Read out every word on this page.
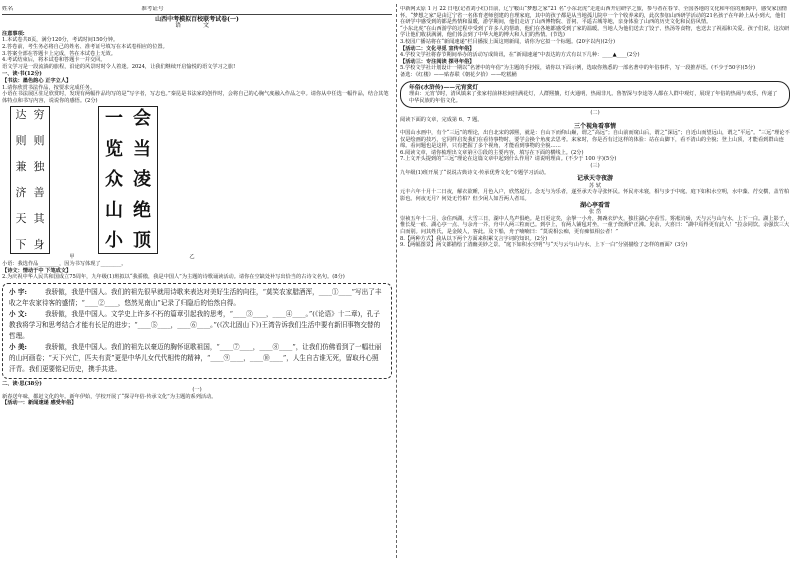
姓名	准考证号
山西中考模拟百校联考试卷(一)
语 文

注意事项:

1.本试卷共8页，满分120分，考试时间150分钟。

2.答卷前，考生务必将自己的姓名、准考证号填写在本试卷相应的位置。

3.答案全部在答题卡上完成，答在本试卷上无效。

4.考试结束后，将本试卷和答题卡一并交回。

语文学习是一段流淌的旅程，沿途的风景时时令人着迷。2024，让我们继续开启愉悦的语文学习之旅!

一、读·书(12分)

【书法：墨色韵心 正字立人】

1.请你欣赏书法作品，按要求完成任务。

小语在书法展区驻足欣赏时，发现有两幅作品均写的是“写字者，写志也。”秦昆是书法家的创作时，会将自己的心胸气度融入作品之中。请你从中任选一幅作品，结合其笔体特点和书写内容，说说你的感悟。(2分)

穷
则
独
善
其
身
达
则
兼
济
天
下
会
当
凌
绝
顶
一
览
众
山
小
甲	乙

小语：我选作品________，因为书写体现了________。

【诗文：情动于中 下笔成文】

2.为庆祝中华人民共和国成立75周年，九年级(1)班拟以“我骄傲，我是中国人”为主题的诗歌诵读活动。请你在空缺处补写出恰当的古诗文名句。(8分)

小 宇:	我骄傲，我是中国人。我们的祖先很早就用诗歌来表达对美好生活的向往，“莫笑农家腊酒浑，____①____”写出了丰收之年农家待客的盛情；“____②____，悠然见南山”记录了归隐后的怡然自得。

小 文:	我骄傲，我是中国人。文学史上许多不朽的篇章引起我的思考，“____③____，____④____。”(《论语》十二章)，孔子教我将学习和思考结合才能有长足的进步；“____⑤____，____⑥____。”(《次北固山下》)王湾告诉我们生活中要有新旧事物交替的哲理。

小 美:	我骄傲，我是中国人。我们的祖先以豪迈的胸怀讴歌祖国，“____⑦____，____⑧____”，让我们仿佛看到了一幅壮丽的山河画卷；“天下兴亡，匹夫有责”更是中华儿女代代相传的精神，“____⑨____，____⑩____”，人生自古谁无死，留取丹心照汗青。我们更要铭记历史，携手共进。

二、读·思(38分)

(一)

新春送年味，都赶文化的年。新年伊始，学校开展了“探寻年俗·传承文化”为主题的系列活动。

【活动一：新闻速递 感受年俗】

中新网太原 1 月 22 日电(记者刘小红)日前，辽宁鞍山“梦想之家”21 名“小东北虎”走进山西开启研学之旅，参与者在春节、全国各地的文化和年俗的熏陶中，感受家国情怀。“梦想之家”是由辽宁省一名体育老师创建的自理家庭，其中的孩子都是从当地孤儿院中一个个收养来的，此次参加山西研学活动的21名孩子在年龄上从小到大，他们在研学中感受到的都是热情和温暖，游学期间，他们走访了山西博物院、晋祠、平遥古城等地，亲身体验了山西的历史文化和民俗风情。

“小东北虎”在山西游学的过程中受到了许多人的帮助，他们在各地都感受到了家的温暖。当地人为他们送去了饺子、热汤等食物，也送去了祝福和关爱。孩子们说，这次研学让他们收获满满，他们体会到了中华大地的博大和人们的热情。(节选)

3.校园广播站将在“新闻速递”栏目播报上面这则新闻，请你为它拟一个标题。(20字以内)(2分)

【活动二：文化寻觅 宣传年俗】

4.学校文学社将春节期间举办的活动写成简讯，在“新闻速递”中表达的方式有以下几种：____▲____(2分)

【活动三：专注阅读 探寻年俗】

5.学校文学社计划设计一期以“名著中的年俗”为主题的手抄报，请你以下面示例，选取你熟悉的一部名著中的年俗事件，写一段推荐语。(不少于50字)(5分)

备选：《红楼》——贴春联《朝花夕拾》——吃糕桶

年俗(水浒传)——元宵赏灯

理由：元宵节时，清风镇来了张家村前林松间挂满花灯，人群熙攘，灯火通明，热闹非凡。鲁智深与李逵等人都在人群中观灯，展现了年俗的热闹与欢乐，传递了中华民族的年俗文化。

(二)

阅读下面的文章，完成第 6、7 题。

三个视角看事情

中国山水画中，有个“三远”的理论，出自北宋的郭熙，就是：自山下而仰山巅，谓之“高远”；自山前而窥山后，谓之“深远”；自近山而望远山，谓之“平远”。“三远”理论不仅是绘画的技巧，它同样启发我们在看待事物时，要学会换个角度去思考。来家时，你是否有过这样的体验：站在山脚下，看不清山的全貌；登上山顶，才能看到群山连绵。看问题也是这样，只有把握了多个视角，才能看到事物的全貌……

6.阅读文章，请你梳理出文章第④⑤段的主要内容，填写在下面的横线上。(2分)

7.上文开头提到的“三远”理论在这篇文章中起到什么作用？请说明理由。(不少于 100 字)(5分)

(三)

九年级(1)班开展了“说说古典诗文·传承优秀文化”专题学习活动。

记承天寺夜游

苏 轼

元丰六年十月十二日夜，解衣欲睡，月色入户，欣然起行。念无与为乐者，遂至承天寺寻张怀民。怀民亦未寝，相与步于中庭。庭下如积水空明，水中藻、荇交横，盖竹柏影也。何夜无月？何处无竹柏？但少闲人如吾两人者耳。

湖心亭看雪

张 岱

崇祯五年十二月，余住西湖。大雪三日，湖中人鸟声俱绝。是日更定矣，余拏一小舟，拥毳衣炉火，独往湖心亭看雪。雾凇沆砀，天与云与山与水，上下一白。湖上影子，惟长堤一痕、湖心亭一点、与余舟一芥，舟中人两三粒而已。到亭上，有两人铺毡对坐，一童子烧酒炉正沸。见余，大喜曰：“湖中焉得更有此人！”拉余同饮。余强饮三大白而别。问其姓氏，是金陵人，客此。及下船，舟子喃喃曰：“莫说相公痴，更有痴似相公者！”

8.【两种方式】我从以下两个方面来积累文言字词的知识。(2分)

9.【两幅图景】两文都描绘了清幽美妙之景。“庭下如积水空明”与“天与云与山与水，上下一白”分别描绘了怎样的画面？(3分)
